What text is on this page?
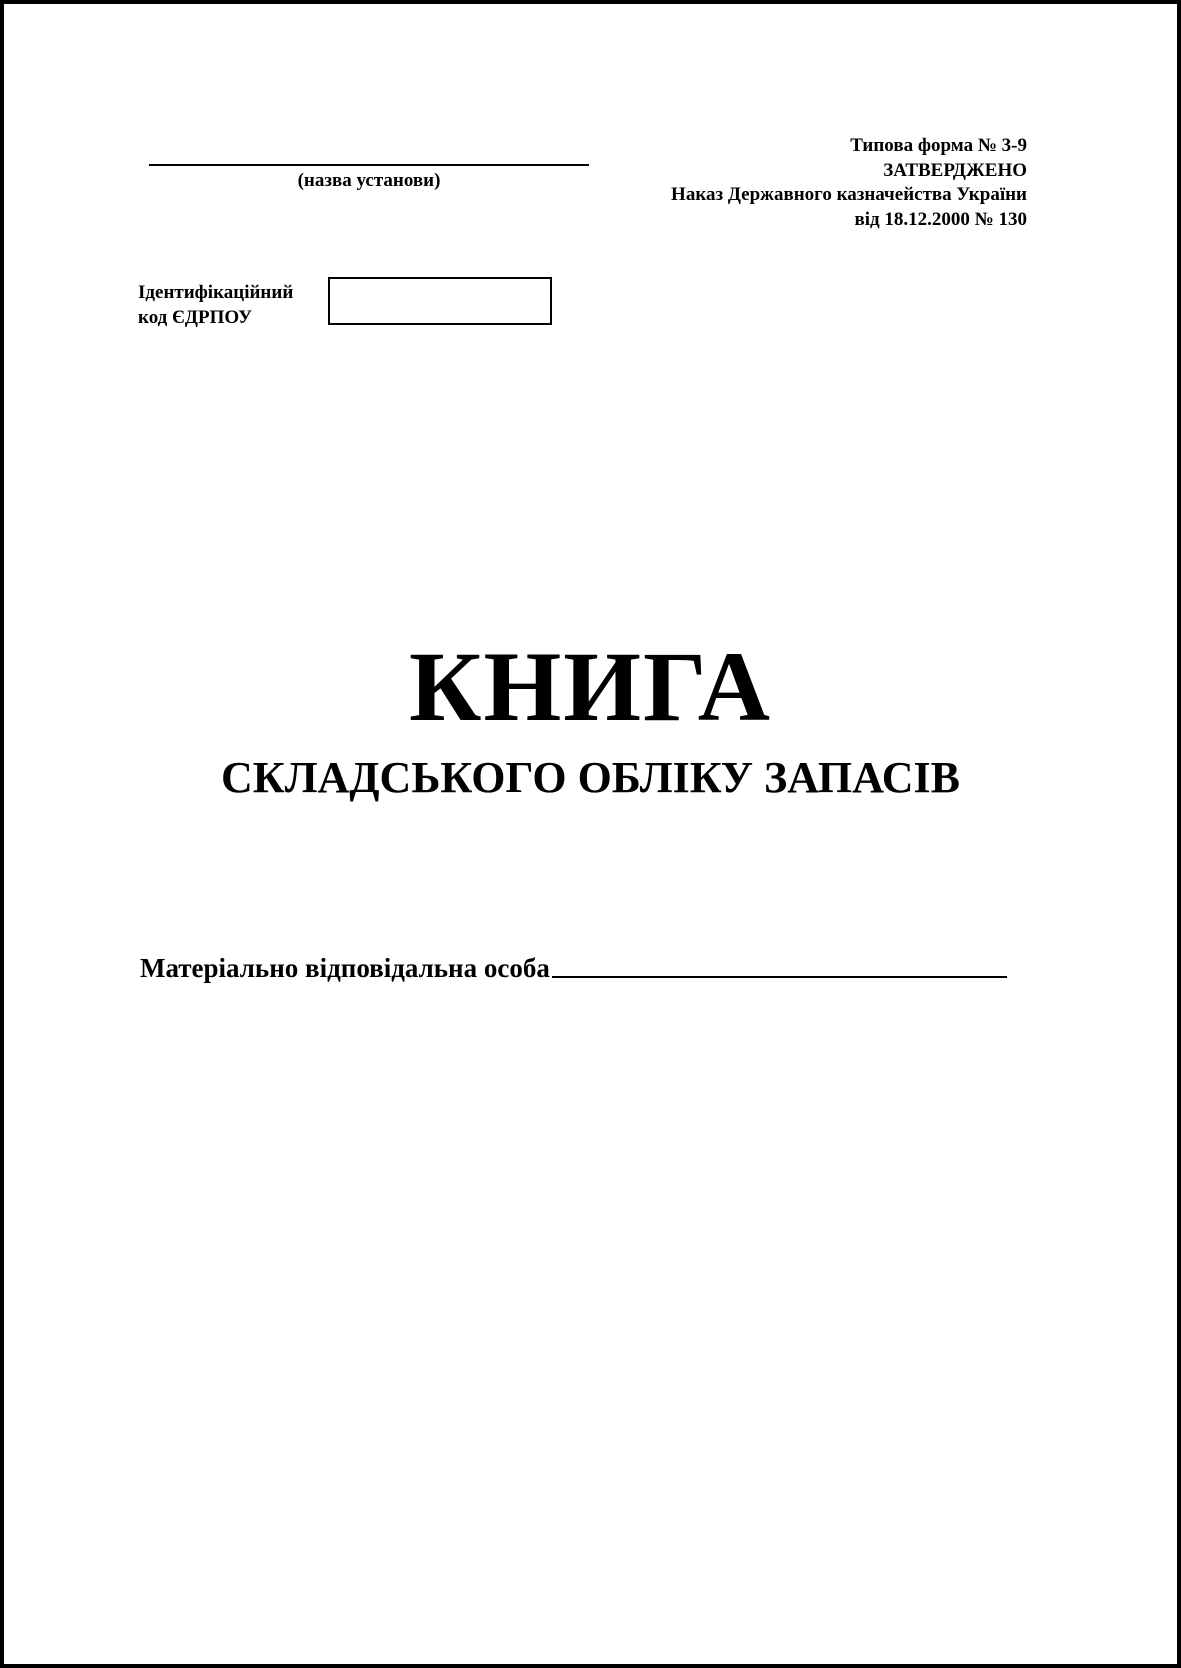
(назва установи)
Типова форма № 3-9
ЗАТВЕРДЖЕНО
Наказ Державного казначейства України
від 18.12.2000 № 130
Ідентифікаційний
код ЄДРПОУ
КНИГА
СКЛАДСЬКОГО ОБЛІКУ ЗАПАСІВ
Матеріально відповідальна особа
